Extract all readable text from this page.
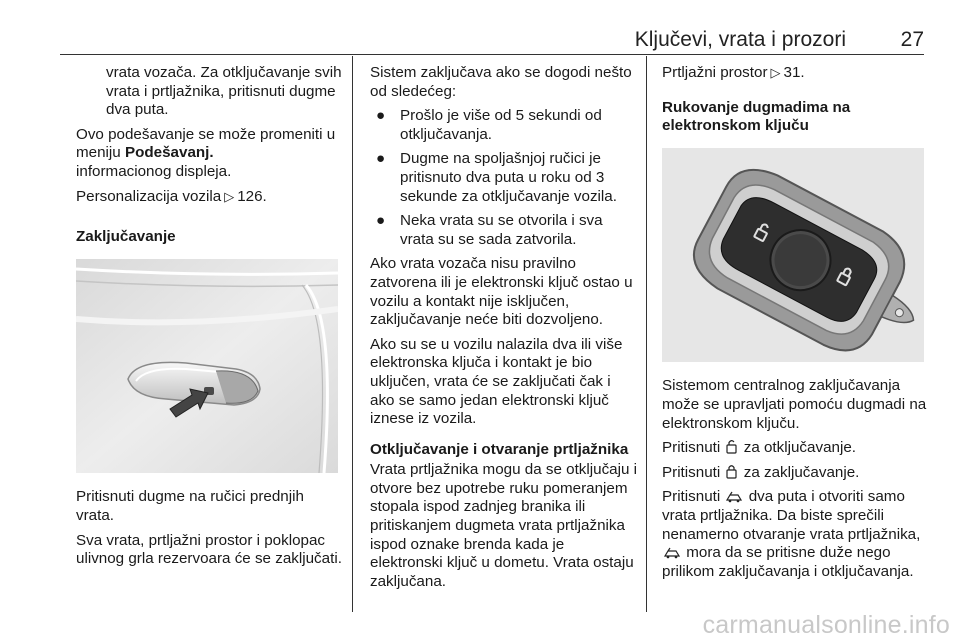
Ključevi, vrata i prozori	27

vrata vozača. Za otključavanje svih vrata i prtljažnika, pritisnuti dugme dva puta.

Ovo podešavanje se može promeniti u meniju Podešavanj.
informacionog displeja.

Personalizacija vozila ▷ 126.

Zaključavanje

Pritisnuti dugme na ručici prednjih vrata.

Sva vrata, prtljažni prostor i poklopac ulivnog grla rezervoara će se zaključati.

Sistem zaključava ako se dogodi nešto od sledećeg:

● Prošlo je više od 5 sekundi od otključavanja.

● Dugme na spoljašnjoj ručici je pritisnuto dva puta u roku od 3 sekunde za otključavanje vozila.

● Neka vrata su se otvorila i sva vrata su se sada zatvorila.

Ako vrata vozača nisu pravilno zatvorena ili je elektronski ključ ostao u vozilu a kontakt nije isključen, zaključavanje neće biti dozvoljeno.

Ako su se u vozilu nalazila dva ili više elektronska ključa i kontakt je bio uključen, vrata će se zaključati čak i ako se samo jedan elektronski ključ iznese iz vozila.

Otključavanje i otvaranje prtljažnika

Vrata prtljažnika mogu da se otključaju i otvore bez upotrebe ruku pomeranjem stopala ispod zadnjeg branika ili pritiskanjem dugmeta vrata prtljažnika ispod oznake brenda kada je elektronski ključ u dometu. Vrata ostaju zaključana.

Prtljažni prostor ▷ 31.

Rukovanje dugmadima na elektronskom ključu

Sistemom centralnog zaključavanja može se upravljati pomoću dugmadi na elektronskom ključu.

Pritisnuti za otključavanje.

Pritisnuti za zaključavanje.

Pritisnuti dva puta i otvoriti samo vrata prtljažnika. Da biste sprečili nenamerno otvaranje vrata prtljažnika,  mora da se pritisne duže nego prilikom zaključavanja i otključavanja.

carmanualsonline.info
